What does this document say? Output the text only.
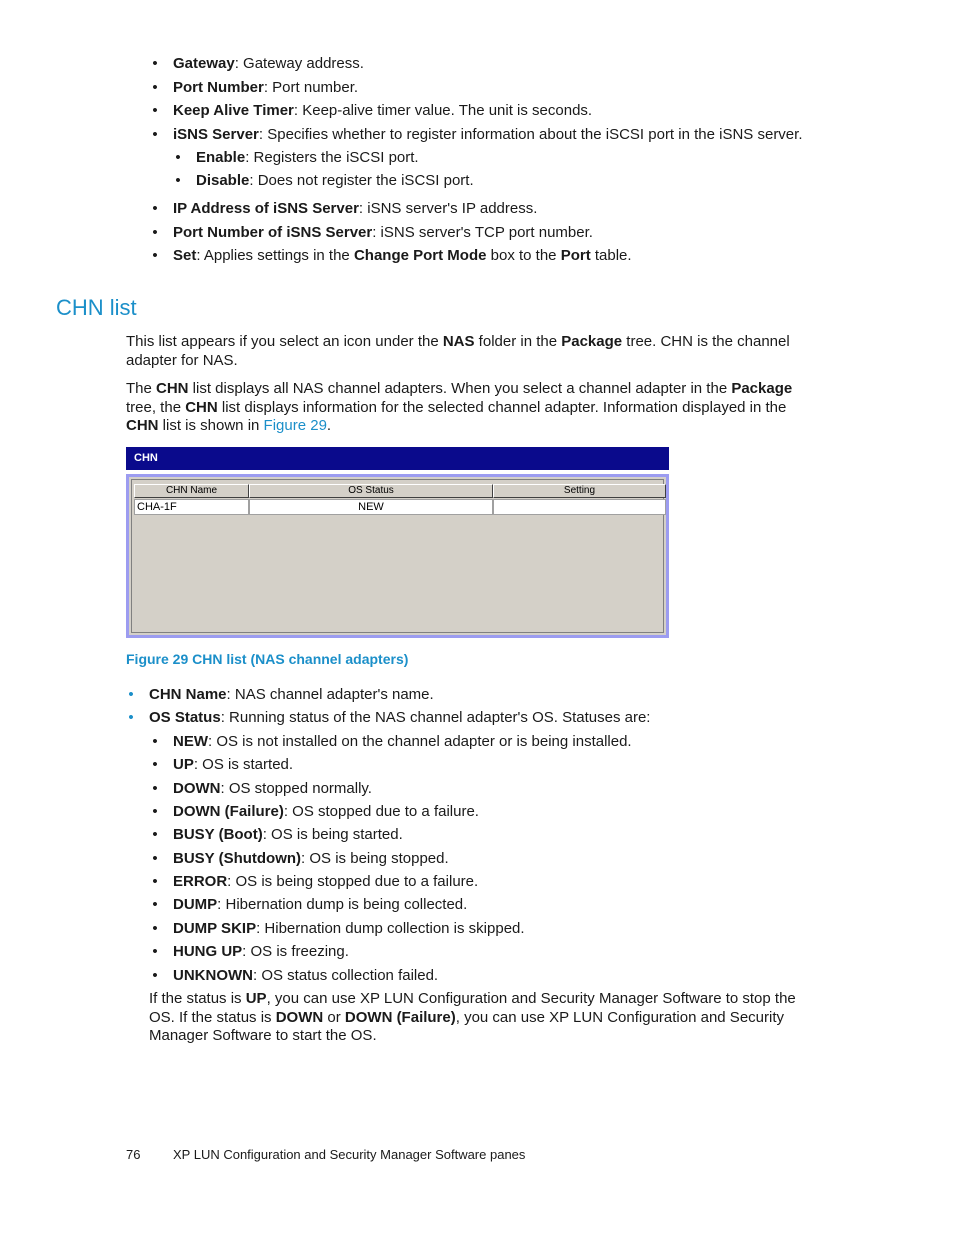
• Gateway: Gateway address.
• Port Number: Port number.
• Keep Alive Timer: Keep-alive timer value. The unit is seconds.
• iSNS Server: Specifies whether to register information about the iSCSI port in the iSNS server.
• Enable: Registers the iSCSI port.
• Disable: Does not register the iSCSI port.
• IP Address of iSNS Server: iSNS server's IP address.
• Port Number of iSNS Server: iSNS server's TCP port number.
• Set: Applies settings in the Change Port Mode box to the Port table.
CHN list
This list appears if you select an icon under the NAS folder in the Package tree. CHN is the channel
adapter for NAS.
The CHN list displays all NAS channel adapters. When you select a channel adapter in the Package
tree, the CHN list displays information for the selected channel adapter. Information displayed in the
CHN list is shown in Figure 29.
CHN
CHN Name	OS Status	Setting
CHA-1F	NEW
Figure 29 CHN list (NAS channel adapters)
• CHN Name: NAS channel adapter's name.
• OS Status: Running status of the NAS channel adapter's OS. Statuses are:
• NEW: OS is not installed on the channel adapter or is being installed.
• UP: OS is started.
• DOWN: OS stopped normally.
• DOWN (Failure): OS stopped due to a failure.
• BUSY (Boot): OS is being started.
• BUSY (Shutdown): OS is being stopped.
• ERROR: OS is being stopped due to a failure.
• DUMP: Hibernation dump is being collected.
• DUMP SKIP: Hibernation dump collection is skipped.
• HUNG UP: OS is freezing.
• UNKNOWN: OS status collection failed.
If the status is UP, you can use XP LUN Configuration and Security Manager Software to stop the
OS. If the status is DOWN or DOWN (Failure), you can use XP LUN Configuration and Security
Manager Software to start the OS.
76	XP LUN Configuration and Security Manager Software panes
